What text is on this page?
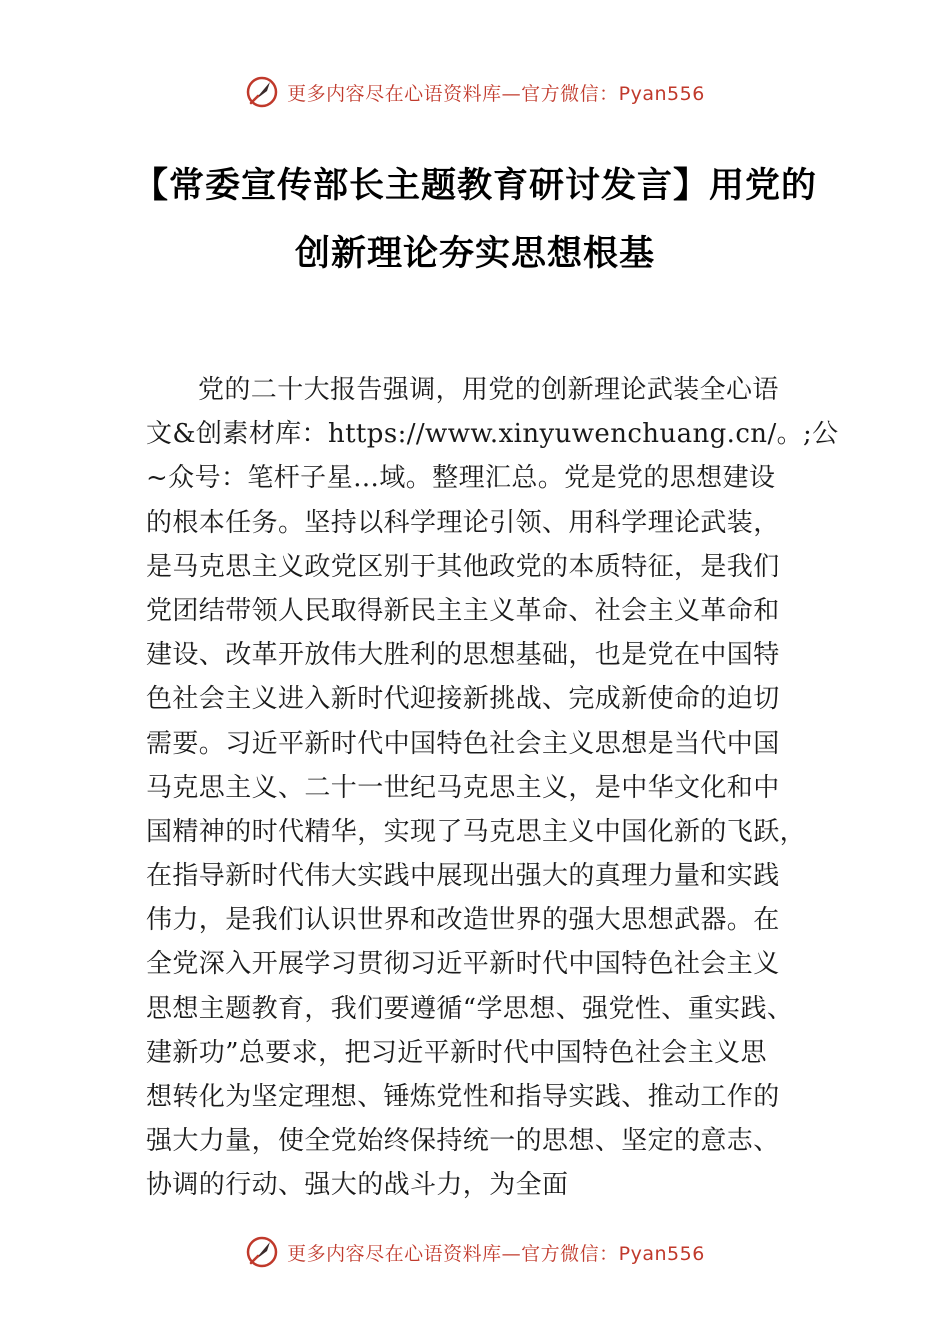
更多内容尽在心语资料库—官方微信：Pyan556
【常委宣传部长主题教育研讨发言】用党的
创新理论夯实思想根基
党的二十大报告强调，用党的创新理论武装全心语
文&创素材库：https://www.xinyuwenchuang.cn/。;公
~众号：笔杆子星…域。整理汇总。党是党的思想建设
的根本任务。坚持以科学理论引领、用科学理论武装，
是马克思主义政党区别于其他政党的本质特征，是我们
党团结带领人民取得新民主主义革命、社会主义革命和
建设、改革开放伟大胜利的思想基础，也是党在中国特
色社会主义进入新时代迎接新挑战、完成新使命的迫切
需要。习近平新时代中国特色社会主义思想是当代中国
马克思主义、二十一世纪马克思主义，是中华文化和中
国精神的时代精华，实现了马克思主义中国化新的飞跃，
在指导新时代伟大实践中展现出强大的真理力量和实践
伟力，是我们认识世界和改造世界的强大思想武器。在
全党深入开展学习贯彻习近平新时代中国特色社会主义
思想主题教育，我们要遵循“学思想、强党性、重实践、
建新功”总要求，把习近平新时代中国特色社会主义思
想转化为坚定理想、锤炼党性和指导实践、推动工作的
强大力量，使全党始终保持统一的思想、坚定的意志、
协调的行动、强大的战斗力，为全面
更多内容尽在心语资料库—官方微信：Pyan556
